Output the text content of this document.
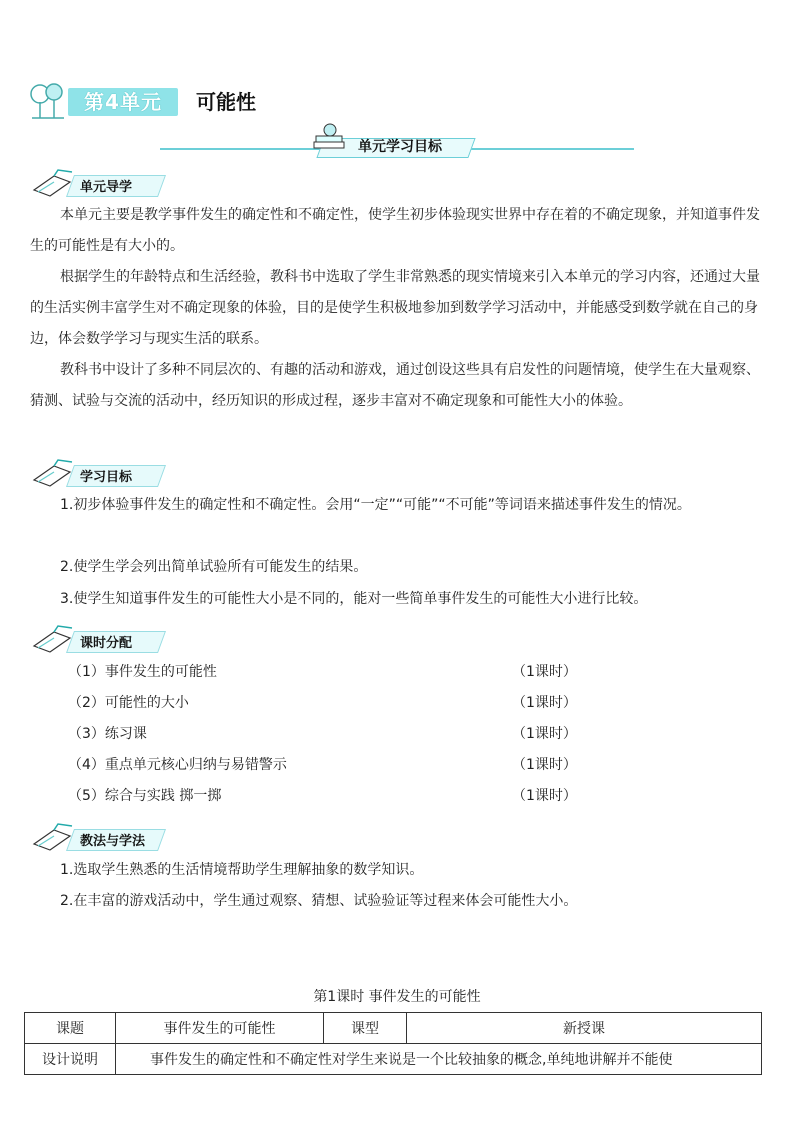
第4单元	可能性
单元学习目标
单元导学
本单元主要是教学事件发生的确定性和不确定性，使学生初步体验现实世界中存在着的不确定现象，并知道事件发生的可能性是有大小的。
根据学生的年龄特点和生活经验，教科书中选取了学生非常熟悉的现实情境来引入本单元的学习内容，还通过大量的生活实例丰富学生对不确定现象的体验，目的是使学生积极地参加到数学学习活动中，并能感受到数学就在自己的身边，体会数学学习与现实生活的联系。
教科书中设计了多种不同层次的、有趣的活动和游戏，通过创设这些具有启发性的问题情境，使学生在大量观察、猜测、试验与交流的活动中，经历知识的形成过程，逐步丰富对不确定现象和可能性大小的体验。
学习目标
1.初步体验事件发生的确定性和不确定性。会用“一定”“可能”“不可能”等词语来描述事件发生的情况。
2.使学生学会列出简单试验所有可能发生的结果。
3.使学生知道事件发生的可能性大小是不同的，能对一些简单事件发生的可能性大小进行比较。
课时分配
（1）事件发生的可能性	（1课时）
（2）可能性的大小	（1课时）
（3）练习课	（1课时）
（4）重点单元核心归纳与易错警示	（1课时）
（5）综合与实践 掷一掷	（1课时）
教法与学法
1.选取学生熟悉的生活情境帮助学生理解抽象的数学知识。
2.在丰富的游戏活动中，学生通过观察、猜想、试验验证等过程来体会可能性大小。
第1课时 事件发生的可能性
课题	事件发生的可能性	课型	新授课
设计说明	事件发生的确定性和不确定性对学生来说是一个比较抽象的概念,单纯地讲解并不能使		
